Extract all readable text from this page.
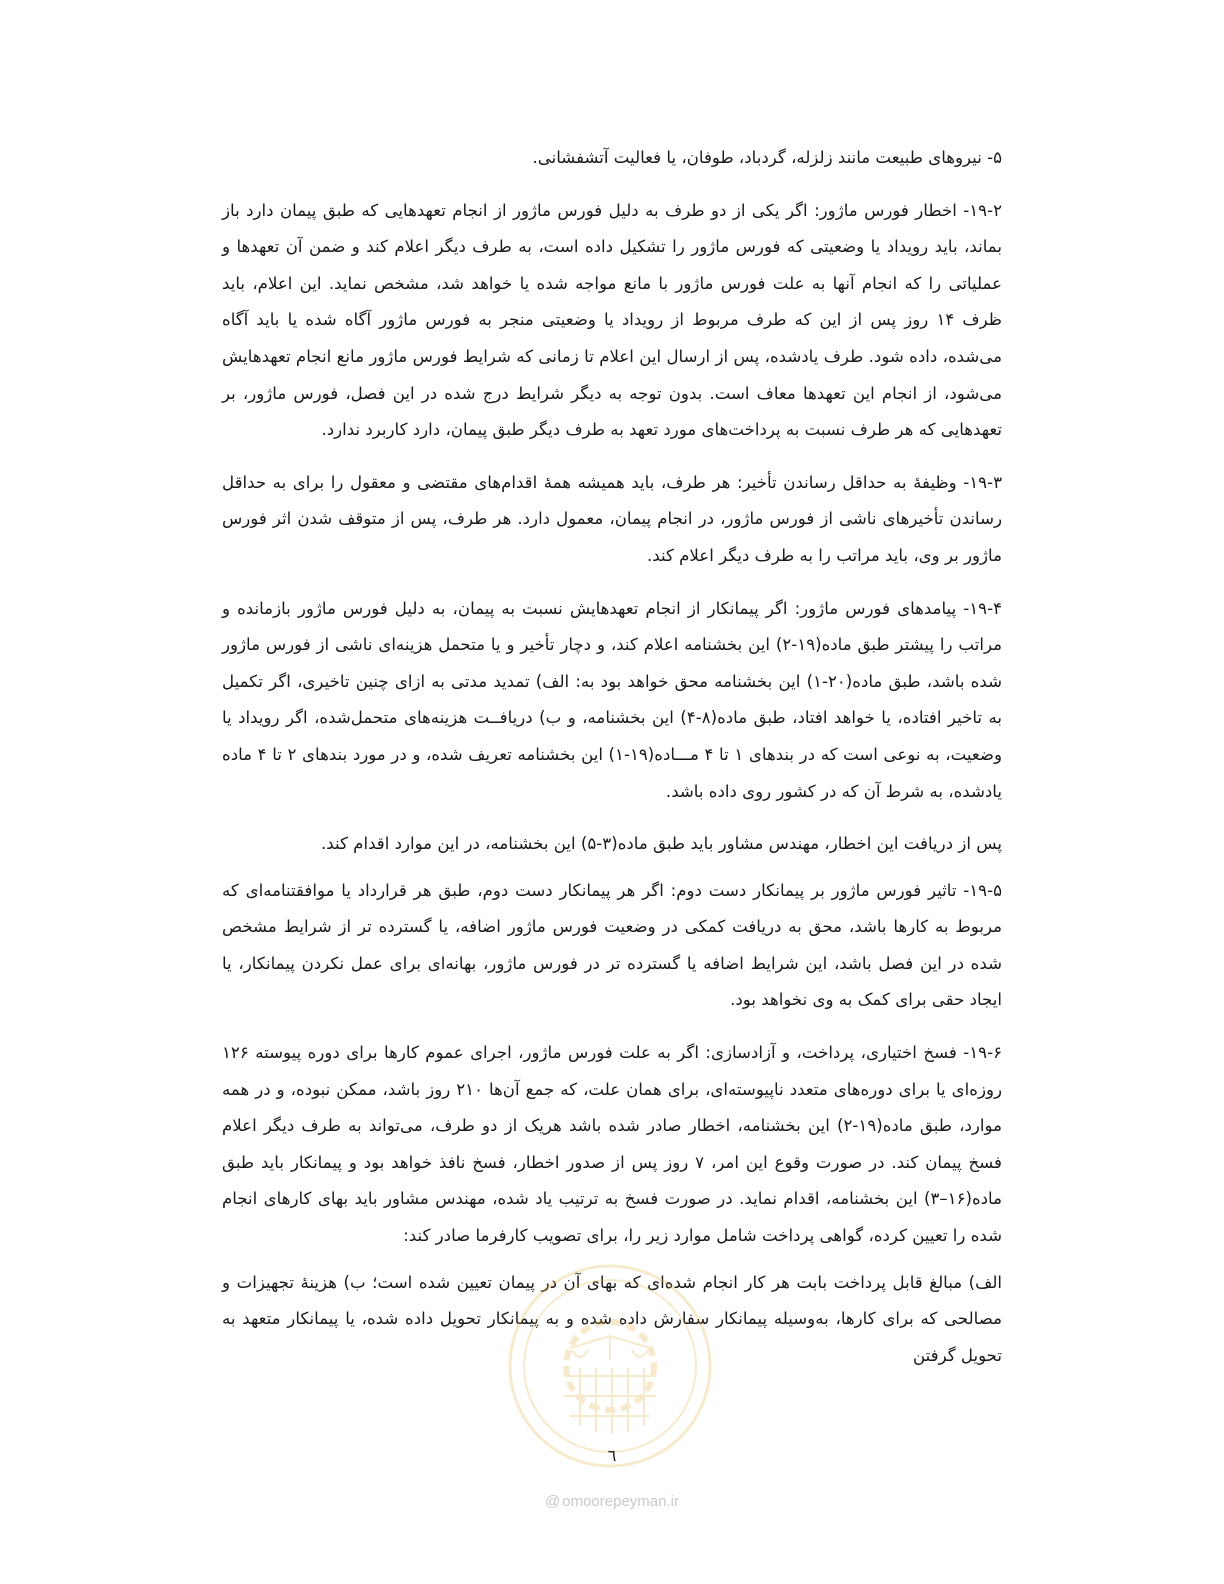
۵- نیروهای طبیعت مانند زلزله، گردباد، طوفان، یا فعالیت آتشفشانی.

۱۹-۲- اخطار فورس ماژور: اگر یکی از دو طرف به دلیل فورس ماژور از انجام تعهدهایی که طبق پیمان دارد باز بماند، باید رویداد یا وضعیتی که فورس ماژور را تشکیل داده است، به طرف دیگر اعلام کند و ضمن آن تعهدها و عملیاتی را که انجام آنها به علت فورس ماژور با مانع مواجه شده یا خواهد شد، مشخص نماید. این اعلام، باید ظرف ۱۴ روز پس از این که طرف مربوط از رویداد یا وضعیتی منجر به فورس ماژور آگاه شده یا باید آگاه می‌شده، داده شود. طرف یادشده، پس از ارسال این اعلام تا زمانی که شرایط فورس ماژور مانع انجام تعهدهایش می‌شود، از انجام این تعهدها معاف است. بدون توجه به دیگر شرایط درج شده در این فصل، فورس ماژور، بر تعهدهایی که هر طرف نسبت به پرداخت‌های مورد تعهد به طرف دیگر طبق پیمان، دارد کاربرد ندارد.

۱۹-۳- وظیفهٔ به حداقل رساندن تأخیر: هر طرف، باید همیشه همهٔ اقدام‌های مقتضی و معقول را برای به حداقل رساندن تأخیرهای ناشی از فورس ماژور، در انجام پیمان، معمول دارد. هر طرف، پس از متوقف شدن اثر فورس ماژور بر وی، باید مراتب را به طرف دیگر اعلام کند.

۱۹-۴- پیامدهای فورس ماژور: اگر پیمانکار از انجام تعهدهایش نسبت به پیمان، به دلیل فورس ماژور بازمانده و مراتب را پیشتر طبق ماده(۱۹-۲) این بخشنامه اعلام کند، و دچار تأخیر و یا متحمل هزینه‌ای ناشی از فورس ماژور شده باشد، طبق ماده(۲۰-۱) این بخشنامه محق خواهد بود به: الف) تمدید مدتی به ازای چنین تاخیری، اگر تکمیل به تاخیر افتاده، یا خواهد افتاد، طبق ماده(۸-۴) این بخشنامه، و ب) دریافــت هزینه‌های متحمل‌شده، اگر رویداد یا وضعیت، به نوعی است که در بندهای ۱ تا ۴ مـــاده(۱۹-۱) این بخشنامه تعریف شده، و در مورد بندهای ۲ تا ۴ ماده یادشده، به شرط آن که در کشور روی داده باشد.

پس از دریافت این اخطار، مهندس مشاور باید طبق ماده(۳-۵) این بخشنامه، در این موارد اقدام کند.

۱۹-۵- تاثیر فورس ماژور بر پیمانکار دست دوم: اگر هر پیمانکار دست دوم، طبق هر قرارداد یا موافقتنامه‌ای که مربوط به کارها باشد، محق به دریافت کمکی در وضعیت فورس ماژور اضافه، یا گسترده تر از شرایط مشخص شده در این فصل باشد، این شرایط اضافه یا گسترده تر در فورس ماژور، بهانه‌ای برای عمل نکردن پیمانکار، یا ایجاد حقی برای کمک به وی نخواهد بود.

۱۹-۶- فسخ اختیاری، پرداخت، و آزادسازی: اگر به علت فورس ماژور، اجرای عموم کارها برای دوره پیوسته ۱۲۶ روزه‌ای یا برای دوره‌های متعدد ناپیوسته‌ای، برای همان علت، که جمع آن‌ها ۲۱۰ روز باشد، ممکن نبوده، و در همه موارد، طبق ماده(۱۹-۲) این بخشنامه، اخطار صادر شده باشد هریک از دو طرف، می‌تواند به طرف دیگر اعلام فسخ پیمان کند. در صورت وقوع این امر، ۷ روز پس از صدور اخطار، فسخ نافذ خواهد بود و پیمانکار باید طبق ماده(۱۶–۳) این بخشنامه، اقدام نماید. در صورت فسخ به ترتیب یاد شده، مهندس مشاور باید بهای کارهای انجام شده را تعیین کرده، گواهی پرداخت شامل موارد زیر را، برای تصویب کارفرما صادر کند:

الف) مبالغ قابل پرداخت بابت هر کار انجام شده‌ای که بهای آن در پیمان تعیین شده است؛ ب) هزینهٔ تجهیزات و مصالحی که برای کارها، به‌وسیله پیمانکار سفارش داده شده و به پیمانکار تحویل داده شده، یا پیمانکار متعهد به تحویل گرفتن

٦
@ omoorepeyman.ir
